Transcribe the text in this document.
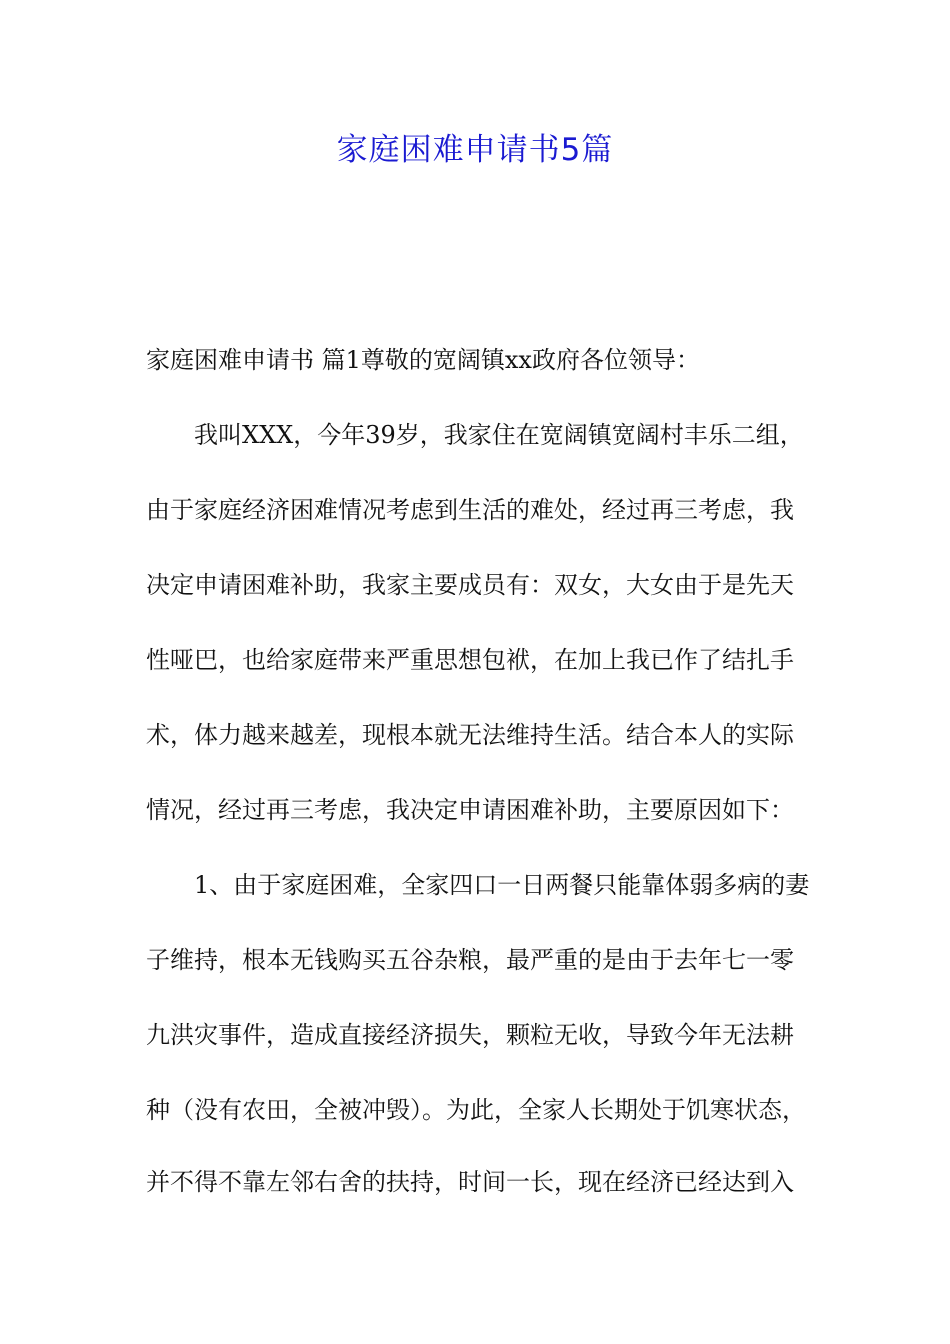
家庭困难申请书5篇

家庭困难申请书 篇1尊敬的宽阔镇xx政府各位领导：

我叫XXX，今年39岁，我家住在宽阔镇宽阔村丰乐二组，

由于家庭经济困难情况考虑到生活的难处，经过再三考虑，我

决定申请困难补助，我家主要成员有：双女，大女由于是先天

性哑巴，也给家庭带来严重思想包袱，在加上我已作了结扎手

术，体力越来越差，现根本就无法维持生活。结合本人的实际

情况，经过再三考虑，我决定申请困难补助，主要原因如下：

1、由于家庭困难，全家四口一日两餐只能靠体弱多病的妻

子维持，根本无钱购买五谷杂粮，最严重的是由于去年七一零

九洪灾事件，造成直接经济损失，颗粒无收，导致今年无法耕

种（没有农田，全被冲毁）。为此，全家人长期处于饥寒状态，

并不得不靠左邻右舍的扶持，时间一长，现在经济已经达到入
